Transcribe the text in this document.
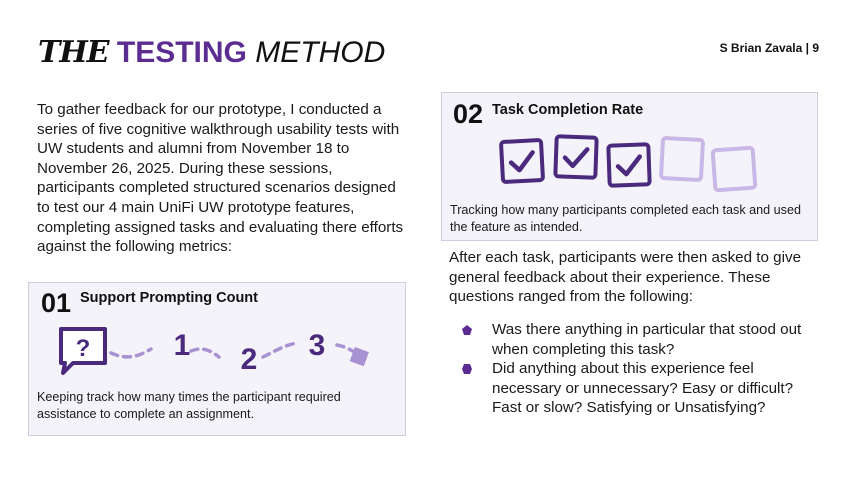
THE TESTING METHOD	S Brian Zavala | 9
To gather feedback for our prototype, I conducted a series of five cognitive walkthrough usability tests with UW students and alumni from November 18 to November 26, 2025. During these sessions, participants completed structured scenarios designed to test our 4 main UniFi UW prototype features, completing assigned tasks and evaluating there efforts against the following metrics:
01 Support Prompting Count
?	1 2 3
Keeping track how many times the participant required assistance to complete an assignment.
02 Task Completion Rate
Tracking how many participants completed each task and used the feature as intended.
After each task, participants were then asked to give general feedback about their experience. These questions ranged from the following:
Was there anything in particular that stood out when completing this task?
Did anything about this experience feel necessary or unnecessary? Easy or difficult? Fast or slow? Satisfying or Unsatisfying?
